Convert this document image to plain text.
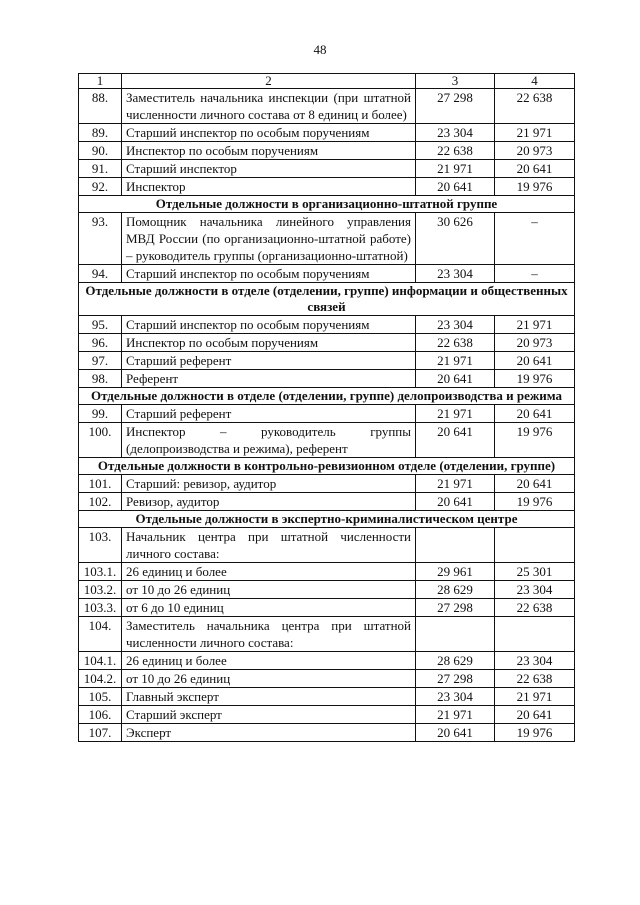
48
1	2	3	4
88.	Заместитель начальника инспекции (при штатной численности личного состава от 8 единиц и более)	27 298	22 638
89.	Старший инспектор по особым поручениям	23 304	21 971
90.	Инспектор по особым поручениям	22 638	20 973
91.	Старший инспектор	21 971	20 641
92.	Инспектор	20 641	19 976
Отдельные должности в организационно-штатной группе			
93.	Помощник начальника линейного управления МВД России (по организационно-штатной работе) – руководитель группы (организационно-штатной)	30 626	–
94.	Старший инспектор по особым поручениям	23 304	–
Отдельные должности в отделе (отделении, группе) информации и общественных связей			
95.	Старший инспектор по особым поручениям	23 304	21 971
96.	Инспектор по особым поручениям	22 638	20 973
97.	Старший референт	21 971	20 641
98.	Референт	20 641	19 976
Отдельные должности в отделе (отделении, группе) делопроизводства и режима			
99.	Старший референт	21 971	20 641
100.	Инспектор – руководитель группы (делопроизводства и режима), референт	20 641	19 976
Отдельные должности в контрольно-ревизионном отделе (отделении, группе)			
101.	Старший: ревизор, аудитор	21 971	20 641
102.	Ревизор, аудитор	20 641	19 976
Отдельные должности в экспертно-криминалистическом центре			
103.	Начальник центра при штатной численности личного состава:		
103.1.	26 единиц и более	29 961	25 301
103.2.	от 10 до 26 единиц	28 629	23 304
103.3.	от 6 до 10 единиц	27 298	22 638
104.	Заместитель начальника центра при штатной численности личного состава:		
104.1.	26 единиц и более	28 629	23 304
104.2.	от 10 до 26 единиц	27 298	22 638
105.	Главный эксперт	23 304	21 971
106.	Старший эксперт	21 971	20 641
107.	Эксперт	20 641	19 976
